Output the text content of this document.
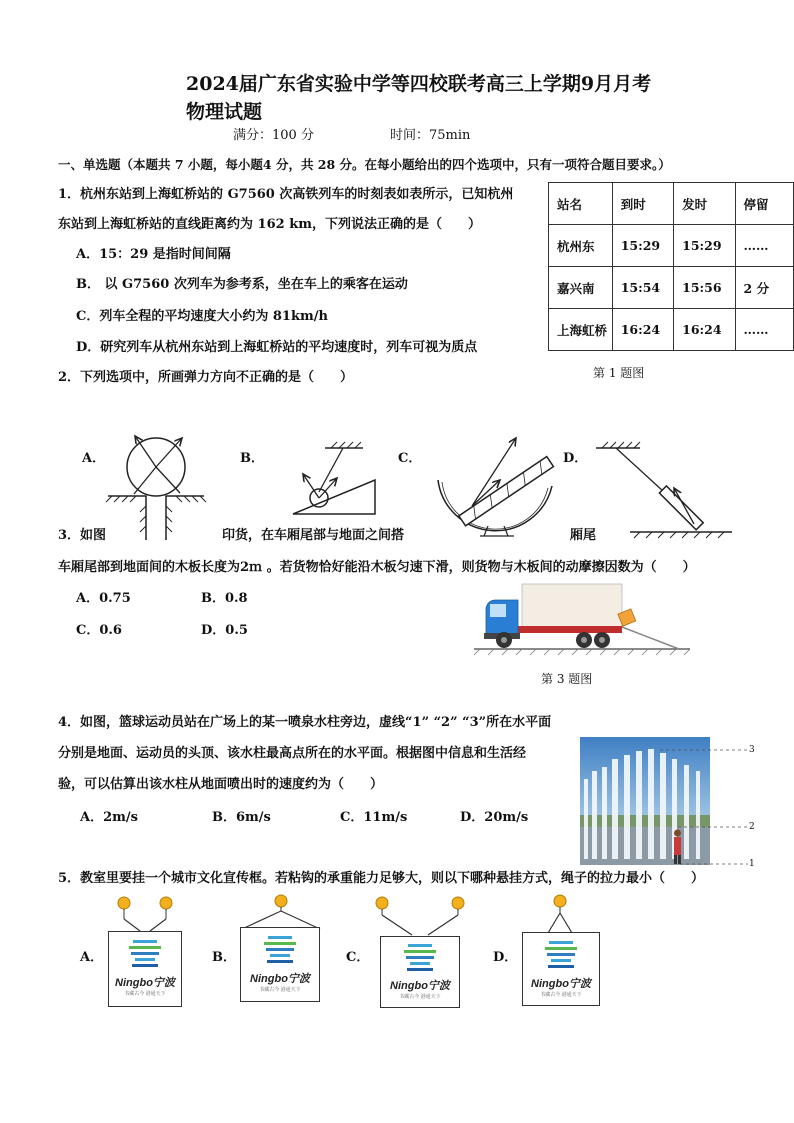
2024届广东省实验中学等四校联考高三上学期9月月考
物理试题
满分：100 分	时间：75min
一、单选题（本题共 7 小题，每小题4 分，共 28 分。在每小题给出的四个选项中，只有一项符合题目要求。）
1．杭州东站到上海虹桥站的 G7560 次高铁列车的时刻表如表所示，已知杭州
东站到上海虹桥站的直线距离约为 162 km，下列说法正确的是（　　）
A．15：29 是指时间间隔
B． 以 G7560 次列车为参考系，坐在车上的乘客在运动
C．列车全程的平均速度大小约为 81km/h
D．研究列车从杭州东站到上海虹桥站的平均速度时，列车可视为质点
站名	到时	发时	停留
杭州东	15:29	15:29	……
嘉兴南	15:54	15:56	2 分
上海虹桥	16:24	16:24	……
第 1 题图
2．下列选项中，所画弹力方向不正确的是（　　）
A．	B．	C．	D．
3．如图	印货，在车厢尾部与地面之间搭	厢尾
车厢尾部到地面间的木板长度为2ｍ 。若货物恰好能沿木板匀速下滑，则货物与木板间的动摩擦因数为（　　）
A．0.75	B．0.8
C．0.6	D．0.5
第 3 题图
4．如图，篮球运动员站在广场上的某一喷泉水柱旁边，虚线“1” “2” “3”所在水平面
分别是地面、运动员的头顶、该水柱最高点所在的水平面。根据图中信息和生活经
验，可以估算出该水柱从地面喷出时的速度约为（　　）
A．2m/s	B．6m/s	C．11m/s	D．20m/s
3
2
1
5．教室里要挂一个城市文化宣传框。若粘钩的承重能力足够大，则以下哪种悬挂方式，绳子的拉力最小（　　）
A．	B．	C．	D．
Ningbo宁波
书藏古今 港通天下
Ningbo宁波
书藏古今 港通天下	Ningbo宁波
书藏古今 港通天下
Ningbo宁波
书藏古今 港通天下
